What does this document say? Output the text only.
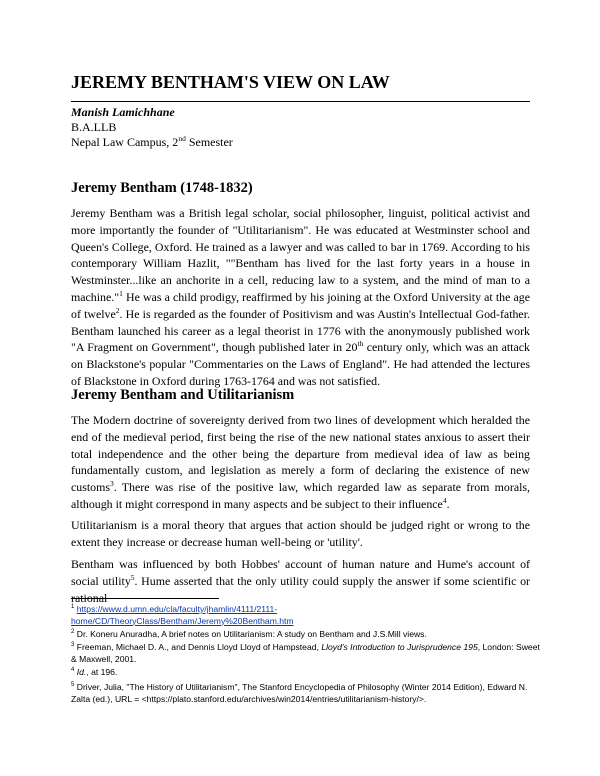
JEREMY BENTHAM'S VIEW ON LAW
Manish Lamichhane
B.A.LLB
Nepal Law Campus, 2nd Semester
Jeremy Bentham (1748-1832)

Jeremy Bentham was a British legal scholar, social philosopher, linguist, political activist and more importantly the founder of "Utilitarianism". He was educated at Westminster school and Queen's College, Oxford. He trained as a lawyer and was called to bar in 1769. According to his contemporary William Hazlit, ""Bentham has lived for the last forty years in a house in Westminster...like an anchorite in a cell, reducing law to a system, and the mind of man to a machine."$^1$ He was a child prodigy, reaffirmed by his joining at the Oxford University at the age of twelve$^2$. He is regarded as the founder of Positivism and was Austin's Intellectual God-father. Bentham launched his career as a legal theorist in 1776 with the anonymously published work "A Fragment on Government", though published later in 20th century only, which was an attack on Blackstone's popular "Commentaries on the Laws of England". He had attended the lectures of Blackstone in Oxford during 1763-1764 and was not satisfied.

Jeremy Bentham and Utilitarianism

The Modern doctrine of sovereignty derived from two lines of development which heralded the end of the medieval period, first being the rise of the new national states anxious to assert their total independence and the other being the departure from medieval idea of law as being fundamentally custom, and legislation as merely a form of declaring the existence of new customs$^3$. There was rise of the positive law, which regarded law as separate from morals, although it might correspond in many aspects and be subject to their influence$^4$.

Utilitarianism is a moral theory that argues that action should be judged right or wrong to the extent they increase or decrease human well-being or 'utility'.

Bentham was influenced by both Hobbes' account of human nature and Hume's account of social utility$^5$. Hume asserted that the only utility could supply the answer if some scientific or rational

$^1$ https://www.d.umn.edu/cla/faculty/jhamlin/4111/2111-
home/CD/TheoryClass/Bentham/Jeremy%20Bentham.htm
$^2$ Dr. Koneru Anuradha, A brief notes on Utilitarianism: A study on Bentham and J.S.Mill views.
$^3$ Freeman, Michael D. A., and Dennis Lloyd Lloyd of Hampstead, Lloyd's Introduction to Jurisprudence 195, London: Sweet & Maxwell, 2001.
$^4$ Id., at 196.
$^5$ Driver, Julia, "The History of Utilitarianism", The Stanford Encyclopedia of Philosophy (Winter 2014 Edition), Edward N. Zalta (ed.), URL = <https://plato.stanford.edu/archives/win2014/entries/utilitarianism-history/>.
